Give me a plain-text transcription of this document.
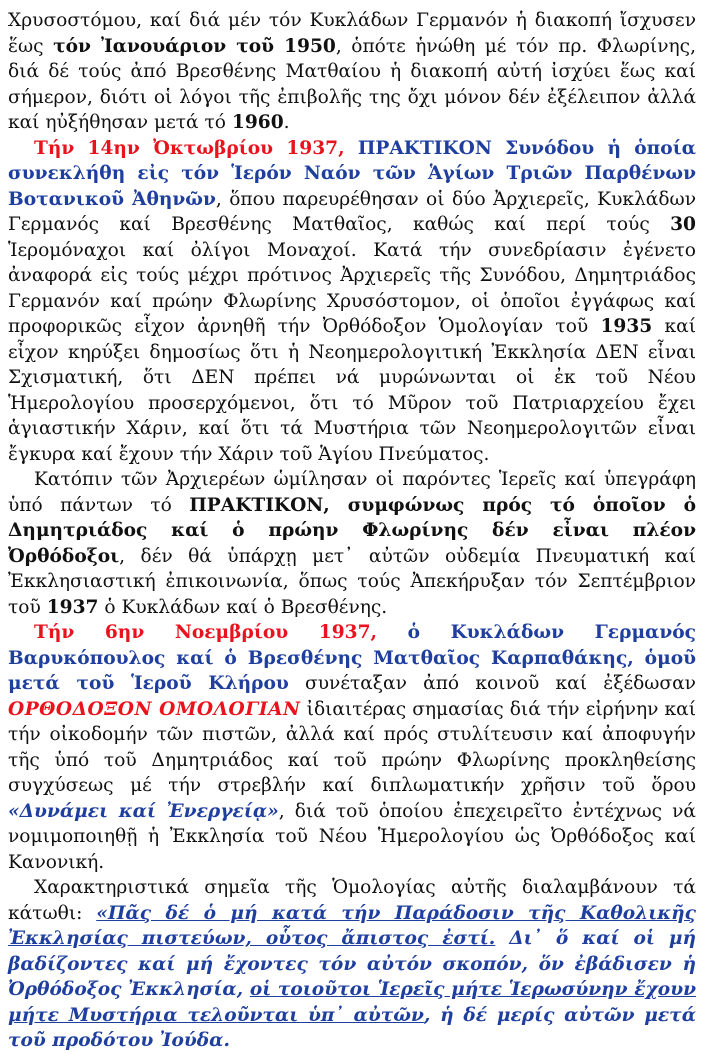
Χρυσοστόμου, καί διά μέν τόν Κυκλάδων Γερμανόν ἡ διακοπή ἴσχυσεν ἕως τόν Ἰανουάριον τοῦ 1950, ὁπότε ἡνώθη μέ τόν πρ. Φλωρίνης, διά δέ τούς ἀπό Βρεσθένης Ματθαίου ἡ διακοπή αὐτή ἰσχύει ἕως καί σήμερον, διότι οἱ λόγοι τῆς ἐπιβολῆς της ὄχι μόνον δέν ἐξέλειπον ἀλλά καί ηὐξήθησαν μετά τό 1960.

Τήν 14ην Ὀκτωβρίου 1937, ΠΡΑΚΤΙΚΟΝ Συνόδου ἡ ὁποία συνεκλήθη εἰς τόν Ἱερόν Ναόν τῶν Ἁγίων Τριῶν Παρθένων Βοτανικοῦ Ἀθηνῶν, ὅπου παρευρέθησαν οἱ δύο Ἀρχιερεῖς, Κυκλάδων Γερμανός καί Βρεσθένης Ματθαῖος, καθώς καί περί τούς 30 Ἱερομόναχοι καί ὀλίγοι Μοναχοί. Κατά τήν συνεδρίασιν ἐγένετο ἀναφορά εἰς τούς μέχρι πρότινος Ἀρχιερεῖς τῆς Συνόδου, Δημητριάδος Γερμανόν καί πρώην Φλωρίνης Χρυσόστομον, οἱ ὁποῖοι ἐγγάφως καί προφορικῶς εἶχον ἀρνηθῆ τήν Ὀρθόδοξον Ὁμολογίαν τοῦ 1935 καί εἶχον κηρύξει δημοσίως ὅτι ἡ Νεοημερολογιτική Ἐκκλησία ΔΕΝ εἶναι Σχισματική, ὅτι ΔΕΝ πρέπει νά μυρώνωνται οἱ ἐκ τοῦ Νέου Ἡμερολογίου προσερχόμενοι, ὅτι τό Μῦρον τοῦ Πατριαρχείου ἔχει ἁγιαστικήν Χάριν, καί ὅτι τά Μυστήρια τῶν Νεοημερολογιτῶν εἶναι ἔγκυρα καί ἔχουν τήν Χάριν τοῦ Ἁγίου Πνεύματος.

Κατόπιν τῶν Ἀρχιερέων ὡμίλησαν οἱ παρόντες Ἱερεῖς καί ὑπεγράφη ὑπό πάντων τό ΠΡΑΚΤΙΚΟΝ, συμφώνως πρός τό ὁποῖον ὁ Δημητριάδος καί ὁ πρώην Φλωρίνης δέν εἶναι πλέον Ὀρθόδοξοι, δέν θά ὑπάρχῃ μετ᾽ αὐτῶν οὐδεμία Πνευματική καί Ἐκκλησιαστική ἐπικοινωνία, ὅπως τούς Ἀπεκήρυξαν τόν Σεπτέμβριον τοῦ 1937 ὁ Κυκλάδων καί ὁ Βρεσθένης.

Τήν 6ην Νοεμβρίου 1937, ὁ Κυκλάδων Γερμανός Βαρυκόπουλος καί ὁ Βρεσθένης Ματθαῖος Καρπαθάκης, ὁμοῦ μετά τοῦ Ἱεροῦ Κλήρου συνέταξαν ἀπό κοινοῦ καί ἐξέδωσαν ΟΡΘΟΔΟΞΟΝ ΟΜΟΛΟΓΙΑΝ ἰδιαιτέρας σημασίας διά τήν εἰρήνην καί τήν οἰκοδομήν τῶν πιστῶν, ἀλλά καί πρός στυλίτευσιν καί ἀποφυγήν τῆς ὑπό τοῦ Δημητριάδος καί τοῦ πρώην Φλωρίνης προκληθείσης συγχύσεως μέ τήν στρεβλήν καί διπλωματικήν χρῆσιν τοῦ ὅρου «Δυνάμει καί Ἐνεργείᾳ», διά τοῦ ὁποίου ἐπεχειρεῖτο ἐντέχνως νά νομιμοποιηθῇ ἡ Ἐκκλησία τοῦ Νέου Ἡμερολογίου ὡς Ὀρθόδοξος καί Κανονική.

Χαρακτηριστικά σημεῖα τῆς Ὁμολογίας αὐτῆς διαλαμβάνουν τά κάτωθι: «Πᾶς δέ ὁ μή κατά τήν Παράδοσιν τῆς Καθολικῆς Ἐκκλησίας πιστεύων, οὗτος ἄπιστος ἐστί. Δι᾽ ὅ καί οἱ μή βαδίζοντες καί μή ἔχοντες τόν αὐτόν σκοπόν, ὅν ἐβάδισεν ἡ Ὀρθόδοξος Ἐκκλησία, οἱ τοιοῦτοι Ἱερεῖς μήτε Ἱερωσύνην ἔχουν μήτε Μυστήρια τελοῦνται ὑπ᾽ αὐτῶν, ἡ δέ μερίς αὐτῶν μετά τοῦ προδότου Ἰούδα.
